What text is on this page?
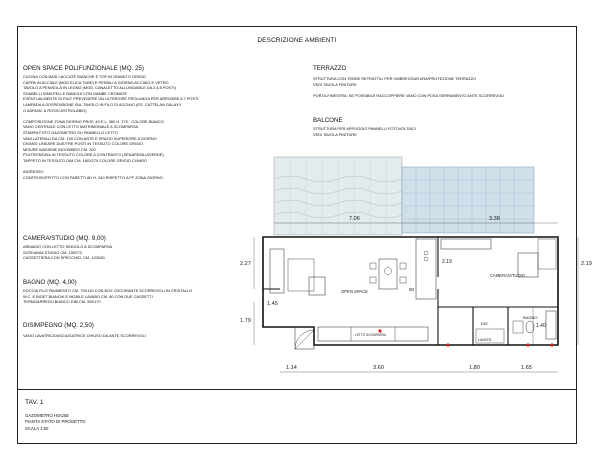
DESCRIZIONE AMBIENTI
OPEN SPACE POLIFUNZIONALE (MQ. 25)
CUCINA CON BASI LACCATE BIANCHE E TOP IN GRANITO GRIGIO
CAPPA IN ACCIAIO (MOD ELICA TUBE) E PENSILI A GIORNO ACCIAIO E VETRO
TAVOLO A PENISOLA IN LEGNO (MOD. CANALETTO ALLUNGABILE DA 2 A 5 POSTI)
SGABELLI SIMILPELLE BIANCHI CON GAMBE CROMATE
EVENTUALMENTE SI PUO' PREVEDERE UN ULTERIORE PROLUNGA PER ARRIVARE A 7 POSTI
LAMPADA A SOSPENSIONE SUL TAVOLO IN FILO DI ACCIAIO (ES. CATTELAN GALAXY
O ADRIAN. & ROSSI ASTROLABIO)
COMPOSIZIONE ZONA GIORNO PROF. 40 E L. 360 H. 270 - COLORE BIANCO
VANO CENTRALE CON LETTO MATRIMONIALE A SCOMPARSA
STAMPA FOTO GAZOMETRO SU PANNELLO LETTO
VANI LATERALI DA CM. 100 CON ANTE E SPAZIO SUPERIORE A GIORNO
DIVANO LINEARE DUE/TRE POSTI IN TESSUTO COLORE GRIGIO
MISURE MASSIME INGOMBRO CM. 200
POLTRONCINA IN TESSUTO COLORE A CONTRASTO (SENAPE/BLU/VERDE)
TAPPETO IN TESSUTO DIM CM. 180X270 COLORE GRIGIO CHIARO
INGRESSO
CONTROSOFFITTO CON FARETTI AD H. 240 RISPETTO A FF ZONA GIORNO
CAMERA/STUDIO (MQ. 9,00)
ARMADIO CON LETTO SINGOLO A SCOMPARSA
SCRIVANIA STUDIO CM. 150X70
CASSETTIERA CON SPECCHIO, CM. 120X60
BAGNO (MQ. 4,00)
DOCCIA FILO PAVIMENTO CM. 75X140 CON BOX OSCURANTE SCORREVOLI IN CRISTALLO
W.C. E BIDET BIANCHI E MOBILE LAVABO CM. 80 CON DUE CASSETTI
TERMOARREDO BIANCO DIM CM. 55X170
DISIMPEGNO (MQ. 2,50)
VANO LAVATRICE/ASCIUGATRICE CHIUSO DA ANTE SCORREVOLI
TERRAZZO
STRUTTURA CON TENDE RETRATTILI PER OMBREGGIATURA/PROTEZIONE TERRAZZO
VEDI TAVOLA FINITURE
PORTA-FINESTRA: SE POSSIBILE RACCOPPIERE VANO CON POSA SERRAMENTO ANTE SCORREVOLI
BALCONE
STRUTTURA PER APPOGGIO PANNELLI FOTOVOLTAICI
VEDI TAVOLA FINITURE
OPEN SPACE
CAMERA/STUDIO
DIS.
BAGNO
LAVATR.
LETTO SCOMPARSA
7.06	3.38
2.27	2.19
2.19
1.40
1.79
1.45
80
1.14	3.60	1.80	1.65
TAV. 1
GAZOMETRO HOUSE
PIANTA STATO DI PROGETTO
SCALA 1:50
